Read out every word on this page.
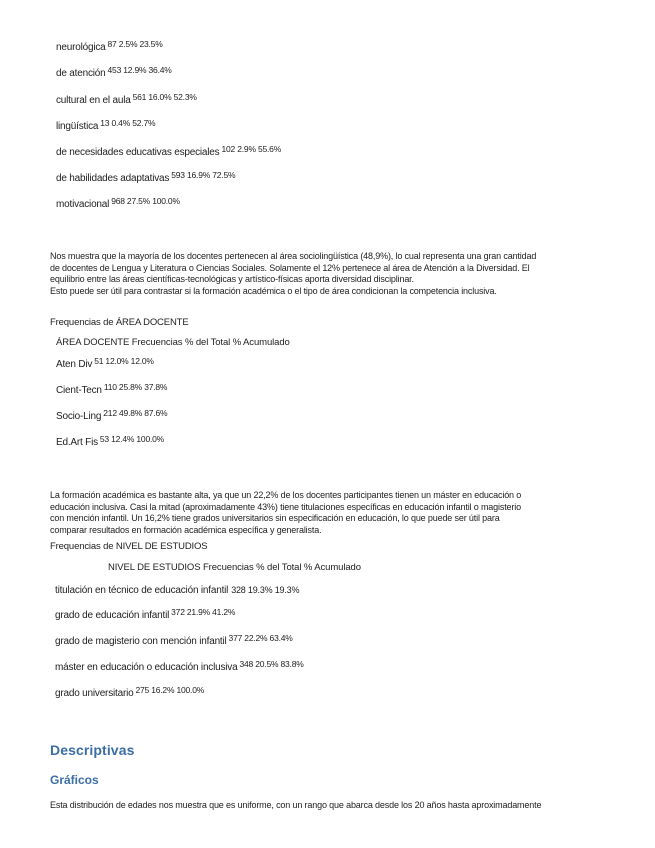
neurológica $^{87 2.5\% 23.5\%}$
de atención $^{453 12.9\% 36.4\%}$
cultural en el aula $^{561 16.0\% 52.3\%}$
lingüística $^{13 0.4\% 52.7\%}$
de necesidades educativas especiales $^{102 2.9\% 55.6\%}$
de habilidades adaptativas $^{593 16.9\% 72.5\%}$
motivacional $^{968 27.5\% 100.0\%}$
Nos muestra que la mayoría de los docentes pertenecen al área sociolingüística (48,9%), lo cual representa una gran cantidad
de docentes de Lengua y Literatura o Ciencias Sociales. Solamente el 12% pertenece al área de Atención a la Diversidad. El
equilibrio entre las áreas científicas-tecnológicas y artístico-físicas aporta diversidad disciplinar.
Esto puede ser útil para contrastar si la formación académica o el tipo de área condicionan la competencia inclusiva.
Frequencias de ÁREA DOCENTE
ÁREA DOCENTE Frecuencias % del Total % Acumulado
Aten Div $^{51 12.0\% 12.0\%}$
Cient-Tecn $^{110 25.8\% 37.8\%}$
Socio-Ling $^{212 49.8\% 87.6\%}$
Ed.Art Fis $^{53 12.4\% 100.0\%}$
La formación académica es bastante alta, ya que un 22,2% de los docentes participantes tienen un máster en educación o
educación inclusiva. Casi la mitad (aproximadamente 43%) tiene titulaciones específicas en educación infantil o magisterio
con mención infantil. Un 16,2% tiene grados universitarios sin especificación en educación, lo que puede ser útil para
comparar resultados en formación académica específica y generalista.
Frequencias de NIVEL DE ESTUDIOS
NIVEL DE ESTUDIOS Frecuencias % del Total % Acumulado
titulación en técnico de educación infantil 328 19.3% 19.3%
grado de educación infantil $^{372 21.9\% 41.2\%}$
grado de magisterio con mención infantil $^{377 22.2\% 63.4\%}$
máster en educación o educación inclusiva $^{348 20.5\% 83.8\%}$
grado universitario $^{275 16.2\% 100.0\%}$
Descriptivas
Gráficos
Esta distribución de edades nos muestra que es uniforme, con un rango que abarca desde los 20 años hasta aproximadamente
